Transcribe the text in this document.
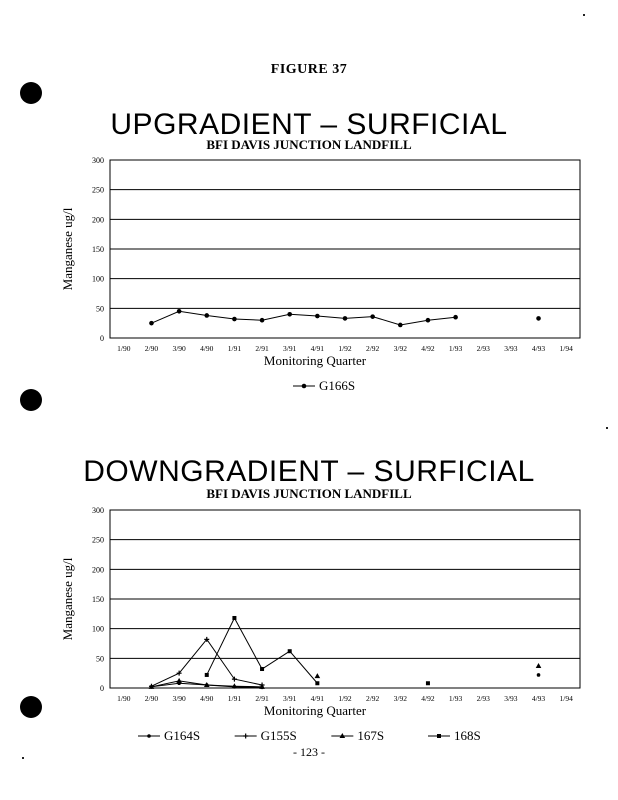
FIGURE 37
UPGRADIENT – SURFICIAL
BFI DAVIS JUNCTION LANDFILL
0
50
100
150
200
250
300
1/90 2/90 3/90 4/90 1/91 2/91 3/91 4/91 1/92 2/92 3/92 4/92 1/93 2/93 3/93 4/93 1/94
Monitoring Quarter
Manganese ug/l
G166S
DOWNGRADIENT – SURFICIAL
BFI DAVIS JUNCTION LANDFILL
0
50
100
150
200
250
300
1/90 2/90 3/90 4/90 1/91 2/91 3/91 4/91 1/92 2/92 3/92 4/92 1/93 2/93 3/93 4/93 1/94
Monitoring Quarter
Manganese ug/l
G164S	G155S	167S	168S
- 123 -
